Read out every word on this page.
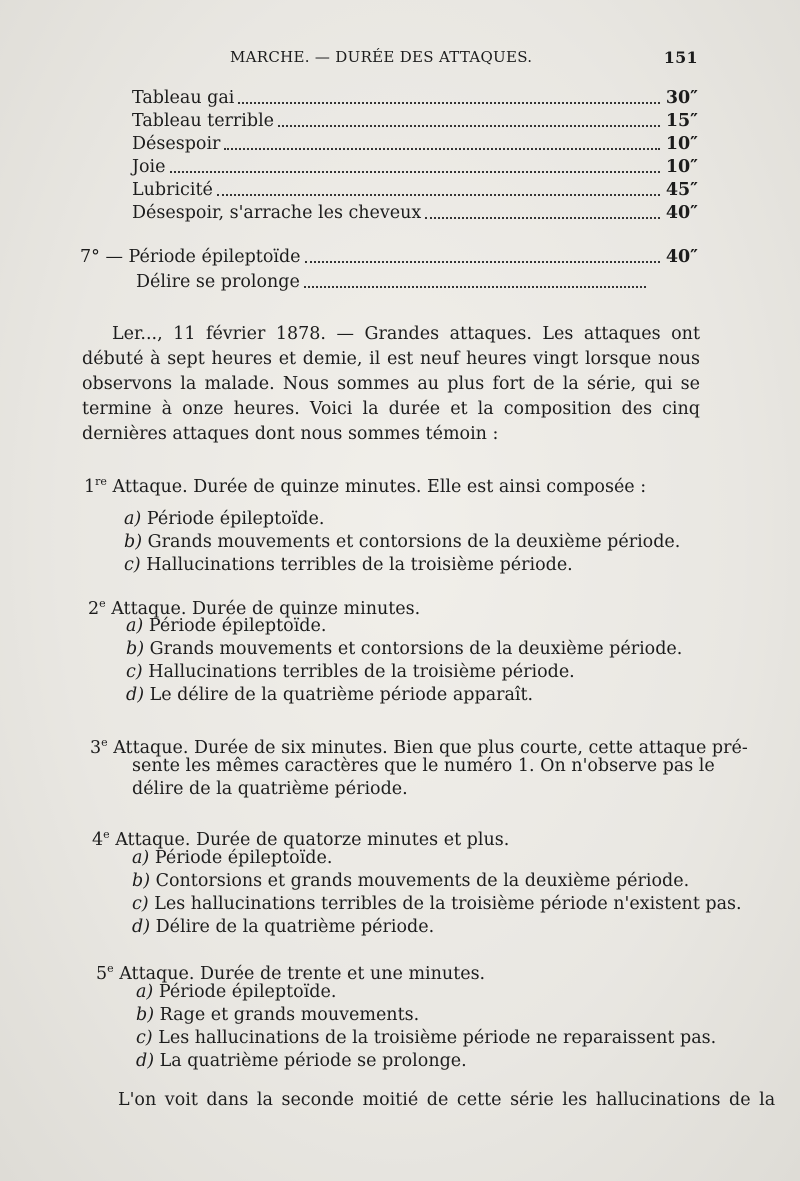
MARCHE. — DURÉE DES ATTAQUES.	151
Tableau gai	30″
Tableau terrible	15″
Désespoir	10″
Joie	10″
Lubricité	45″
Désespoir, s'arrache les cheveux	40″
7° — Période épileptoïde	40″
Délire se prolonge
Ler..., 11 février 1878. — Grandes attaques. Les attaques ont débuté à sept heures et demie, il est neuf heures vingt lorsque nous observons la malade. Nous sommes au plus fort de la série, qui se termine à onze heures. Voici la durée et la composition des cinq dernières attaques dont nous sommes témoin :
1re Attaque. Durée de quinze minutes. Elle est ainsi composée :
a) Période épileptoïde.
b) Grands mouvements et contorsions de la deuxième période.
c) Hallucinations terribles de la troisième période.
2e Attaque. Durée de quinze minutes.
a) Période épileptoïde.
b) Grands mouvements et contorsions de la deuxième période.
c) Hallucinations terribles de la troisième période.
d) Le délire de la quatrième période apparaît.
3e Attaque. Durée de six minutes. Bien que plus courte, cette attaque pré-
sente les mêmes caractères que le numéro 1. On n'observe pas le
délire de la quatrième période.
4e Attaque. Durée de quatorze minutes et plus.
a) Période épileptoïde.
b) Contorsions et grands mouvements de la deuxième période.
c) Les hallucinations terribles de la troisième période n'existent pas.
d) Délire de la quatrième période.
5e Attaque. Durée de trente et une minutes.
a) Période épileptoïde.
b) Rage et grands mouvements.
c) Les hallucinations de la troisième période ne reparaissent pas.
d) La quatrième période se prolonge.
L'on voit dans la seconde moitié de cette série les hallucinations de la
